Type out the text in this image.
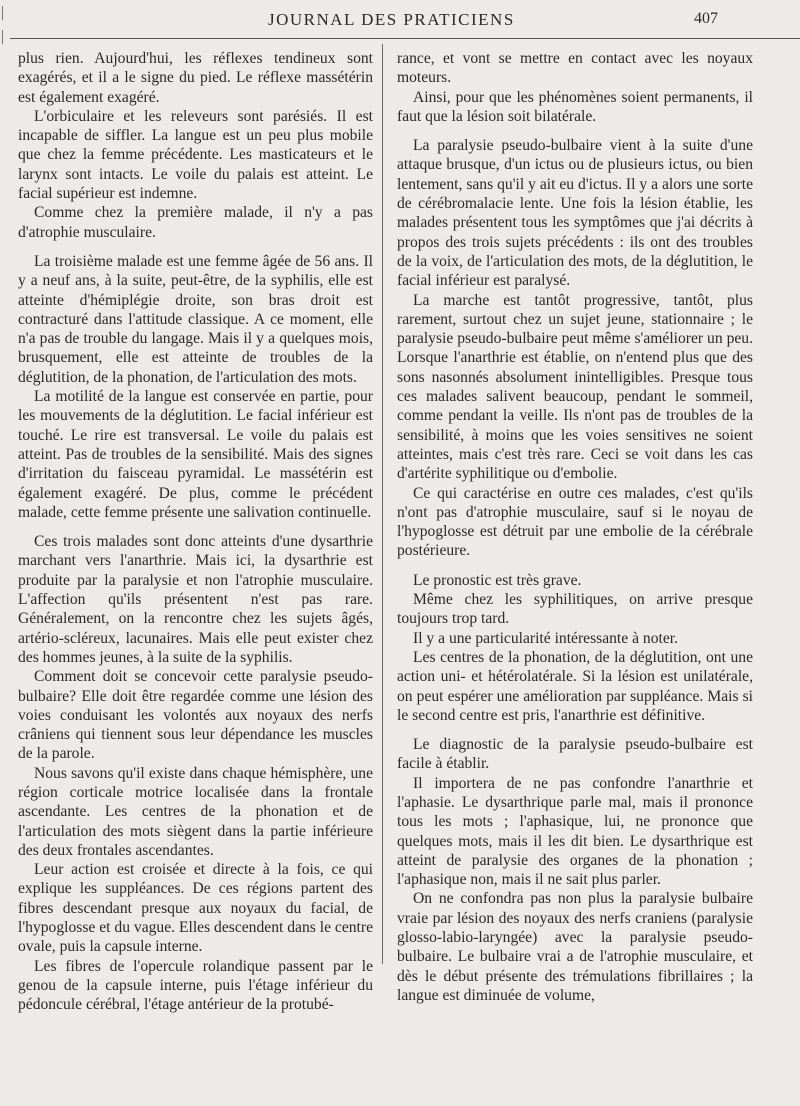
JOURNAL DES PRATICIENS	407

plus rien. Aujourd'hui, les réflexes tendineux sont exagérés, et il a le signe du pied. Le réflexe massétérin est également exagéré.

L'orbiculaire et les releveurs sont parésiés. Il est incapable de siffler. La langue est un peu plus mobile que chez la femme précédente. Les masticateurs et le larynx sont intacts. Le voile du palais est atteint. Le facial supérieur est indemne.

Comme chez la première malade, il n'y a pas d'atrophie musculaire.

La troisième malade est une femme âgée de 56 ans. Il y a neuf ans, à la suite, peut-être, de la syphilis, elle est atteinte d'hémiplégie droite, son bras droit est contracturé dans l'attitude classique. A ce moment, elle n'a pas de trouble du langage. Mais il y a quelques mois, brusquement, elle est atteinte de troubles de la déglutition, de la phonation, de l'articulation des mots.

La motilité de la langue est conservée en partie, pour les mouvements de la déglutition. Le facial inférieur est touché. Le rire est transversal. Le voile du palais est atteint. Pas de troubles de la sensibilité. Mais des signes d'irritation du faisceau pyramidal. Le massétérin est également exagéré. De plus, comme le précédent malade, cette femme présente une salivation continuelle.

Ces trois malades sont donc atteints d'une dysarthrie marchant vers l'anarthrie. Mais ici, la dysarthrie est produite par la paralysie et non l'atrophie musculaire. L'affection qu'ils présentent n'est pas rare. Généralement, on la rencontre chez les sujets âgés, artério-scléreux, lacunaires. Mais elle peut exister chez des hommes jeunes, à la suite de la syphilis.

Comment doit se concevoir cette paralysie pseudo-bulbaire? Elle doit être regardée comme une lésion des voies conduisant les volontés aux noyaux des nerfs crâniens qui tiennent sous leur dépendance les muscles de la parole.

Nous savons qu'il existe dans chaque hémisphère, une région corticale motrice localisée dans la frontale ascendante. Les centres de la phonation et de l'articulation des mots siègent dans la partie inférieure des deux frontales ascendantes.

Leur action est croisée et directe à la fois, ce qui explique les suppléances. De ces régions partent des fibres descendant presque aux noyaux du facial, de l'hypoglosse et du vague. Elles descendent dans le centre ovale, puis la capsule interne.

Les fibres de l'opercule rolandique passent par le genou de la capsule interne, puis l'étage inférieur du pédoncule cérébral, l'étage antérieur de la protubé-

rance, et vont se mettre en contact avec les noyaux moteurs.

Ainsi, pour que les phénomènes soient permanents, il faut que la lésion soit bilatérale.

La paralysie pseudo-bulbaire vient à la suite d'une attaque brusque, d'un ictus ou de plusieurs ictus, ou bien lentement, sans qu'il y ait eu d'ictus. Il y a alors une sorte de cérébromalacie lente. Une fois la lésion établie, les malades présentent tous les symptômes que j'ai décrits à propos des trois sujets précédents : ils ont des troubles de la voix, de l'articulation des mots, de la déglutition, le facial inférieur est paralysé.

La marche est tantôt progressive, tantôt, plus rarement, surtout chez un sujet jeune, stationnaire ; le paralysie pseudo-bulbaire peut même s'améliorer un peu. Lorsque l'anarthrie est établie, on n'entend plus que des sons nasonnés absolument inintelligibles. Presque tous ces malades salivent beaucoup, pendant le sommeil, comme pendant la veille. Ils n'ont pas de troubles de la sensibilité, à moins que les voies sensitives ne soient atteintes, mais c'est très rare. Ceci se voit dans les cas d'artérite syphilitique ou d'embolie.

Ce qui caractérise en outre ces malades, c'est qu'ils n'ont pas d'atrophie musculaire, sauf si le noyau de l'hypoglosse est détruit par une embolie de la cérébrale postérieure.

Le pronostic est très grave.

Même chez les syphilitiques, on arrive presque toujours trop tard.

Il y a une particularité intéressante à noter.

Les centres de la phonation, de la déglutition, ont une action uni- et hétérolatérale. Si la lésion est unilatérale, on peut espérer une amélioration par suppléance. Mais si le second centre est pris, l'anarthrie est définitive.

Le diagnostic de la paralysie pseudo-bulbaire est facile à établir.

Il importera de ne pas confondre l'anarthrie et l'aphasie. Le dysarthrique parle mal, mais il prononce tous les mots ; l'aphasique, lui, ne prononce que quelques mots, mais il les dit bien. Le dysarthrique est atteint de paralysie des organes de la phonation ; l'aphasique non, mais il ne sait plus parler.

On ne confondra pas non plus la paralysie bulbaire vraie par lésion des noyaux des nerfs craniens (paralysie glosso-labio-laryngée) avec la paralysie pseudo-bulbaire. Le bulbaire vrai a de l'atrophie musculaire, et dès le début présente des trémulations fibrillaires ; la langue est diminuée de volume,
